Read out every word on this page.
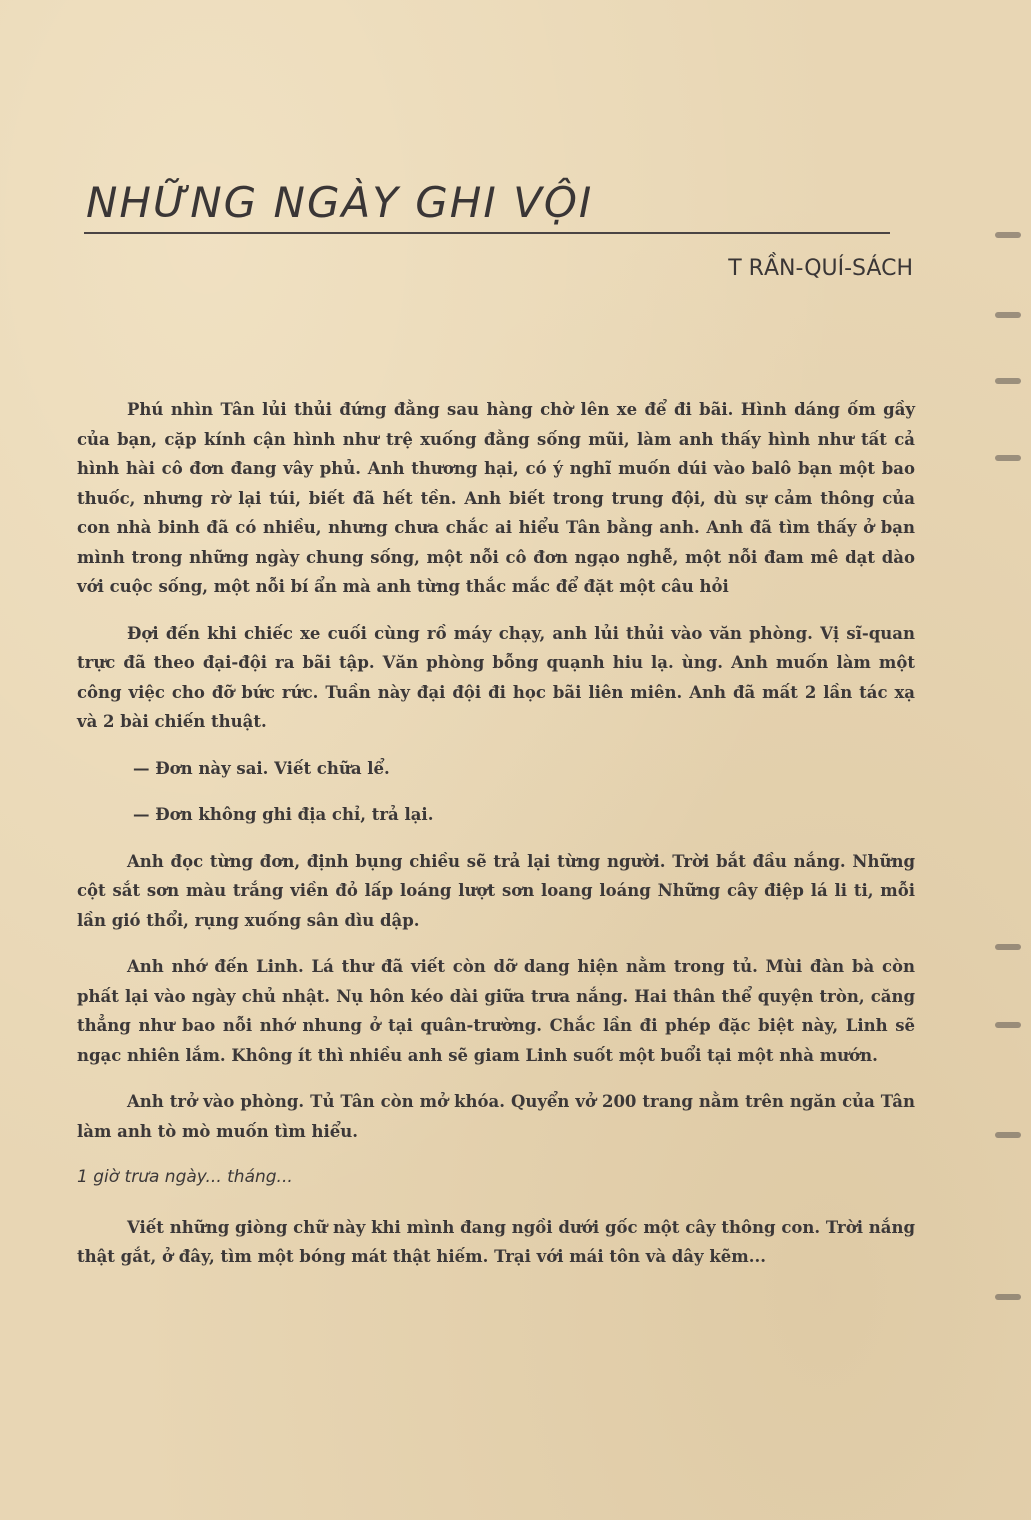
NHỮNG NGÀY GHI VỘI
T RẦN-QUÍ-SÁCH

Phú nhìn Tân lủi thủi đứng đằng sau hàng chờ lên xe để đi bãi. Hình dáng ốm gầy của bạn, cặp kính cận hình như trệ xuống đằng sống mũi, làm anh thấy hình như tất cả hình hài cô đơn đang vây phủ. Anh thương hại, có ý nghĩ muốn dúi vào balô bạn một bao thuốc, nhưng rờ lại túi, biết đã hết tền. Anh biết trong trung đội, dù sự cảm thông của con nhà binh đã có nhiều, nhưng chưa chắc ai hiểu Tân bằng anh. Anh đã tìm thấy ở bạn mình trong những ngày chung sống, một nỗi cô đơn ngạo nghễ, một nỗi đam mê dạt dào với cuộc sống, một nỗi bí ẩn mà anh từng thắc mắc để đặt một câu hỏi

Đợi đến khi chiếc xe cuối cùng rồ máy chạy, anh lủi thủi vào văn phòng. Vị sĩ-quan trực đã theo đại-đội ra bãi tập. Văn phòng bỗng quạnh hiu lạ. ùng. Anh muốn làm một công việc cho đỡ bức rức. Tuần này đại đội đi học bãi liên miên. Anh đã mất 2 lần tác xạ và 2 bài chiến thuật.

— Đơn này sai. Viết chữa lể.

— Đơn không ghi địa chỉ, trả lại.

Anh đọc từng đơn, định bụng chiều sẽ trả lại từng người. Trời bắt đầu nắng. Những cột sắt sơn màu trắng viền đỏ lấp loáng lượt sơn loang loáng Những cây điệp lá li ti, mỗi lần gió thổi, rụng xuống sân dìu dập.

Anh nhớ đến Linh. Lá thư đã viết còn dỡ dang hiện nằm trong tủ. Mùi đàn bà còn phất lại vào ngày chủ nhật. Nụ hôn kéo dài giữa trưa nắng. Hai thân thể quyện tròn, căng thẳng như bao nỗi nhớ nhung ở tại quân-trường. Chắc lần đi phép đặc biệt này, Linh sẽ ngạc nhiên lắm. Không ít thì nhiều anh sẽ giam Linh suốt một buổi tại một nhà mướn.

Anh trở vào phòng. Tủ Tân còn mở khóa. Quyển vở 200 trang nằm trên ngăn của Tân làm anh tò mò muốn tìm hiểu.

1 giờ trưa ngày... tháng...

Viết những giòng chữ này khi mình đang ngồi dưới gốc một cây thông con. Trời nắng thật gắt, ở đây, tìm một bóng mát thật hiếm. Trại với mái tôn và dây kẽm...
